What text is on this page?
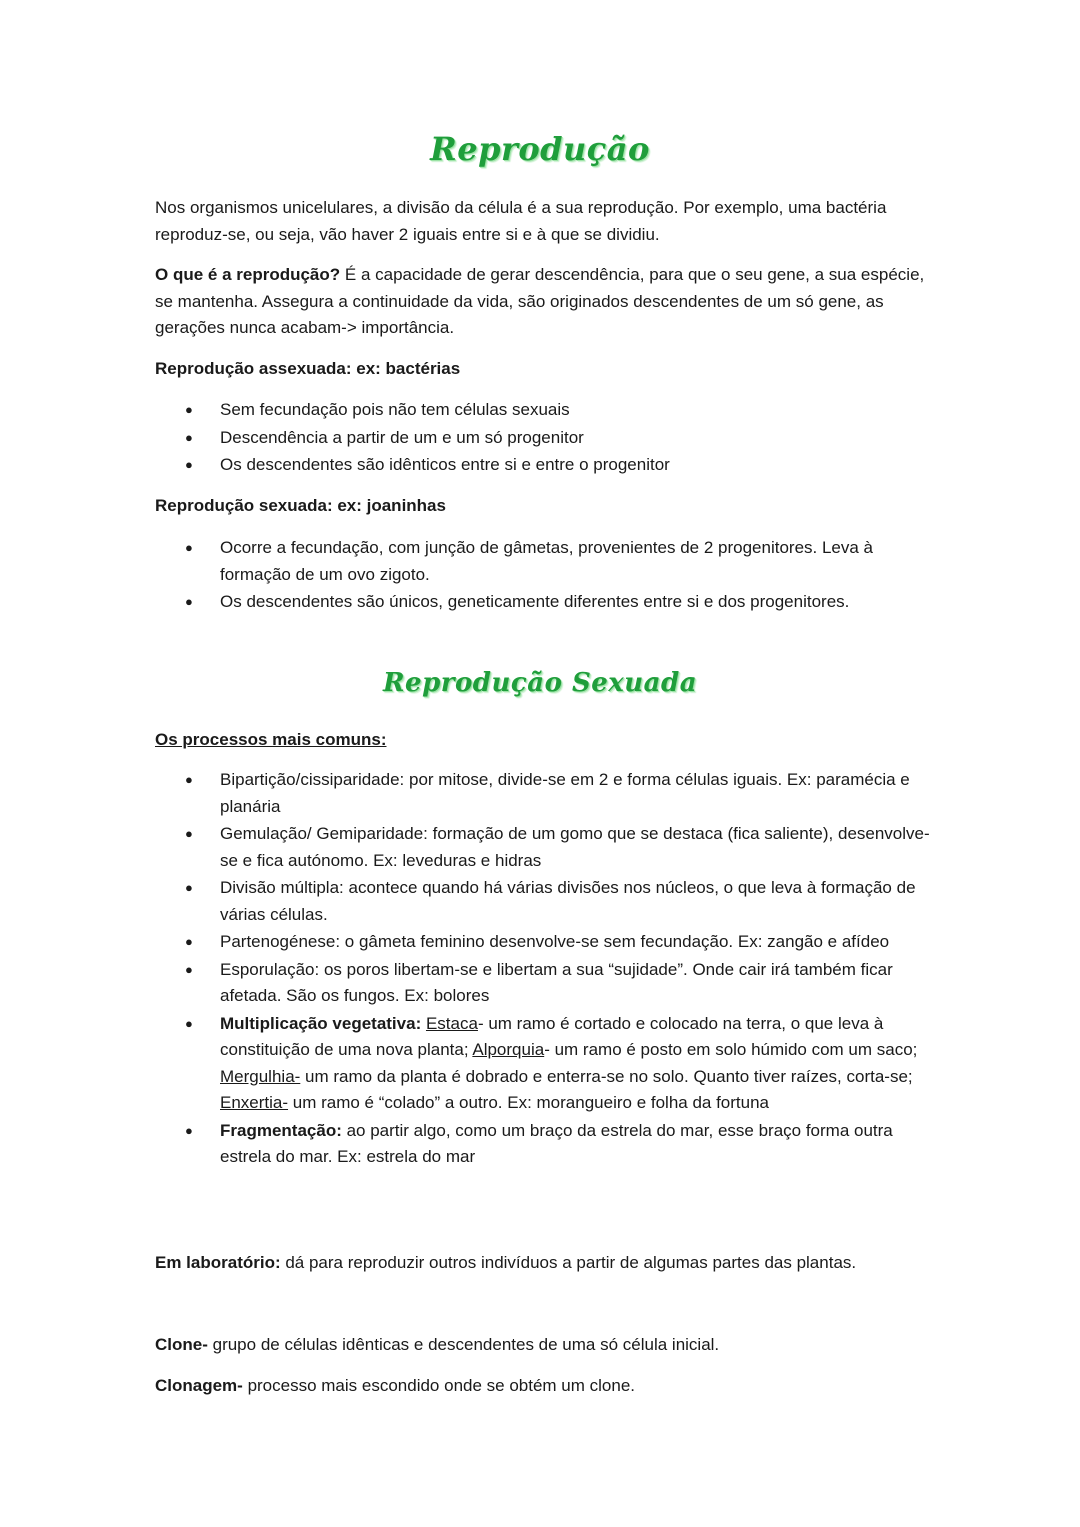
Reprodução

Nos organismos unicelulares, a divisão da célula é a sua reprodução. Por exemplo, uma bactéria reproduz-se, ou seja, vão haver 2 iguais entre si e à que se dividiu.

O que é a reprodução? É a capacidade de gerar descendência, para que o seu gene, a sua espécie, se mantenha. Assegura a continuidade da vida, são originados descendentes de um só gene, as gerações nunca acabam-> importância.

Reprodução assexuada: ex: bactérias

● Sem fecundação pois não tem células sexuais
● Descendência a partir de um e um só progenitor
● Os descendentes são idênticos entre si e entre o progenitor

Reprodução sexuada: ex: joaninhas

● Ocorre a fecundação, com junção de gâmetas, provenientes de 2 progenitores. Leva à formação de um ovo zigoto.
● Os descendentes são únicos, geneticamente diferentes entre si e dos progenitores.
Reprodução Sexuada

Os processos mais comuns:

● Bipartição/cissiparidade: por mitose, divide-se em 2 e forma células iguais. Ex: paramécia e planária
● Gemulação/ Gemiparidade: formação de um gomo que se destaca (fica saliente), desenvolve-se e fica autónomo. Ex: leveduras e hidras
● Divisão múltipla: acontece quando há várias divisões nos núcleos, o que leva à formação de várias células.
● Partenogénese: o gâmeta feminino desenvolve-se sem fecundação. Ex: zangão e afídeo
● Esporulação: os poros libertam-se e libertam a sua “sujidade”. Onde cair irá também ficar afetada. São os fungos. Ex: bolores
● Multiplicação vegetativa: Estaca- um ramo é cortado e colocado na terra, o que leva à constituição de uma nova planta; Alporquia- um ramo é posto em solo húmido com um saco; Mergulhia- um ramo da planta é dobrado e enterra-se no solo. Quanto tiver raízes, corta-se; Enxertia- um ramo é “colado” a outro. Ex: morangueiro e folha da fortuna
● Fragmentação: ao partir algo, como um braço da estrela do mar, esse braço forma outra estrela do mar. Ex: estrela do mar

Em laboratório: dá para reproduzir outros indivíduos a partir de algumas partes das plantas.

Clone- grupo de células idênticas e descendentes de uma só célula inicial.

Clonagem- processo mais escondido onde se obtém um clone.
